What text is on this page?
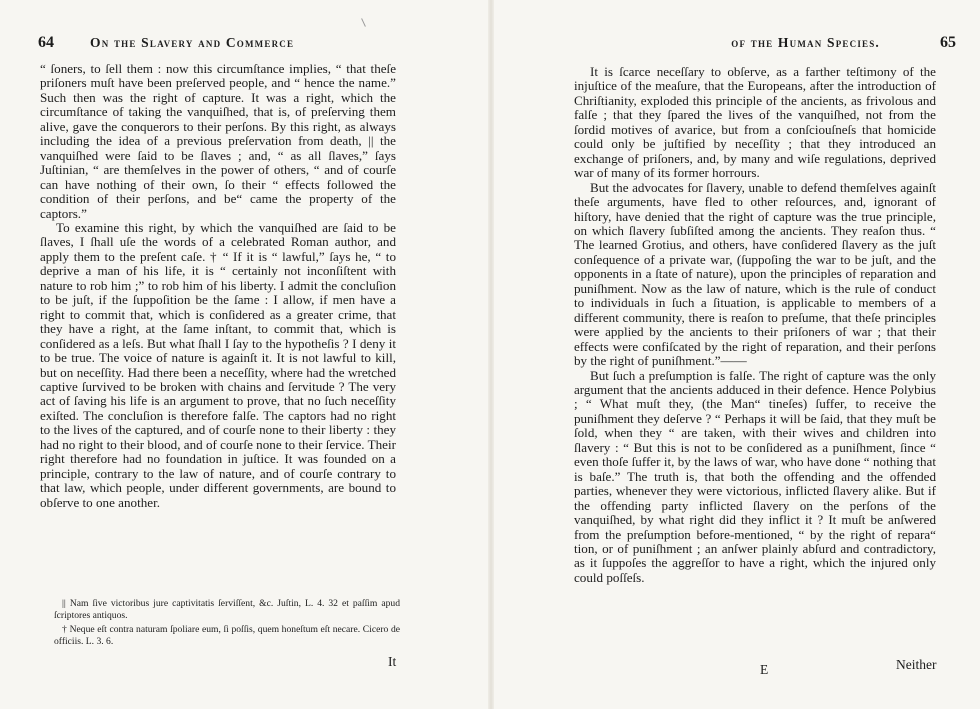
64	On the Slavery and Commerce

“ ſoners, to ſell them : now this circumſtance implies, “ that theſe priſoners muſt have been preſerved people, and “ hence the name.” Such then was the right of capture. It was a right, which the circumſtance of taking the vanquiſhed, that is, of preſerving them alive, gave the conquerors to their perſons. By this right, as always including the idea of a previous preſervation from death, || the vanquiſhed were ſaid to be ſlaves ; and, “ as all ſlaves,” ſays Juſtinian, “ are themſelves in the power of others, “ and of courſe can have nothing of their own, ſo their “ effects followed the condition of their perſons, and be“ came the property of the captors.”

To examine this right, by which the vanquiſhed are ſaid to be ſlaves, I ſhall uſe the words of a celebrated Roman author, and apply them to the preſent caſe. † “ If it is “ lawful,” ſays he, “ to deprive a man of his life, it is “ certainly not inconſiſtent with nature to rob him ;” to rob him of his liberty. I admit the concluſion to be juſt, if the ſuppoſition be the ſame : I allow, if men have a right to commit that, which is conſidered as a greater crime, that they have a right, at the ſame inſtant, to commit that, which is conſidered as a leſs. But what ſhall I ſay to the hypotheſis ? I deny it to be true. The voice of nature is againſt it. It is not lawful to kill, but on neceſſity. Had there been a neceſſity, where had the wretched captive ſurvived to be broken with chains and ſervitude ? The very act of ſaving his life is an argument to prove, that no ſuch neceſſity exiſted. The concluſion is therefore falſe. The captors had no right to the lives of the captured, and of courſe none to their liberty : they had no right to their blood, and of courſe none to their ſervice. Their right therefore had no foundation in juſtice. It was founded on a principle, contrary to the law of nature, and of courſe contrary to that law, which people, under different governments, are bound to obſerve to one another.

|| Nam ſive victoribus jure captivitatis ſerviſſent, &c. Juſtin, L. 4. 32 et paſſim apud ſcriptores antiquos.

† Neque eſt contra naturam ſpoliare eum, ſi poſſis, quem honeſtum eſt necare. Cicero de officiis. L. 3. 6.

It
of the Human Species.	65

It is ſcarce neceſſary to obſerve, as a farther teſtimony of the injuſtice of the meaſure, that the Europeans, after the introduction of Chriſtianity, exploded this principle of the ancients, as frivolous and falſe ; that they ſpared the lives of the vanquiſhed, not from the ſordid motives of avarice, but from a conſciouſneſs that homicide could only be juſtified by neceſſity ; that they introduced an exchange of priſoners, and, by many and wiſe regulations, deprived war of many of its former horrours.

But the advocates for ſlavery, unable to defend themſelves againſt theſe arguments, have fled to other reſources, and, ignorant of hiſtory, have denied that the right of capture was the true principle, on which ſlavery ſubſiſted among the ancients. They reaſon thus. “ The learned Grotius, and others, have conſidered ſlavery as the juſt conſequence of a private war, (ſuppoſing the war to be juſt, and the opponents in a ſtate of nature), upon the principles of reparation and puniſhment. Now as the law of nature, which is the rule of conduct to individuals in ſuch a ſituation, is applicable to members of a different community, there is reaſon to preſume, that theſe principles were applied by the ancients to their priſoners of war ; that their effects were confiſcated by the right of reparation, and their perſons by the right of puniſhment.”——

But ſuch a preſumption is falſe. The right of capture was the only argument that the ancients adduced in their defence. Hence Polybius ; “ What muſt they, (the Man“ tineſes) ſuffer, to receive the puniſhment they deſerve ? “ Perhaps it will be ſaid, that they muſt be ſold, when they “ are taken, with their wives and children into ſlavery : “ But this is not to be conſidered as a puniſhment, ſince “ even thoſe ſuffer it, by the laws of war, who have done “ nothing that is baſe.” The truth is, that both the offending and the offended parties, whenever they were victorious, inflicted ſlavery alike. But if the offending party inflicted ſlavery on the perſons of the vanquiſhed, by what right did they inflict it ? It muſt be anſwered from the preſumption before-mentioned, “ by the right of repara“ tion, or of puniſhment ; an anſwer plainly abſurd and contradictory, as it ſuppoſes the aggreſſor to have a right, which the injured only could poſſeſs.

E	Neither
